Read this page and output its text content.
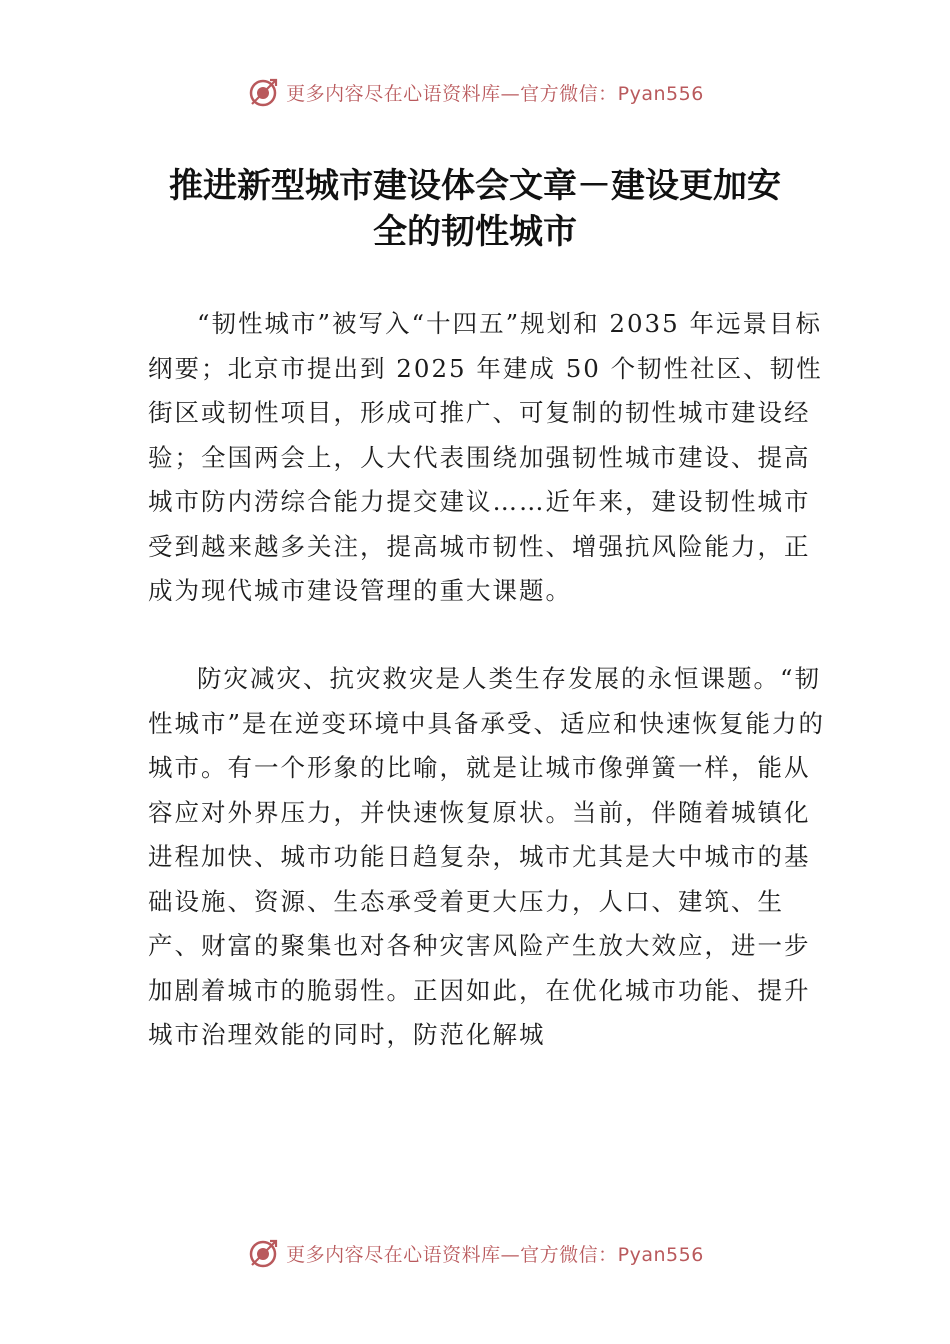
更多内容尽在心语资料库—官方微信：Pyan556
推进新型城市建设体会文章－建设更加安
全的韧性城市

“韧性城市”被写入“十四五”规划和 2035 年远景目标纲要；北京市提出到 2025 年建成 50 个韧性社区、韧性街区或韧性项目，形成可推广、可复制的韧性城市建设经验；全国两会上，人大代表围绕加强韧性城市建设、提高城市防内涝综合能力提交建议……近年来，建设韧性城市受到越来越多关注，提高城市韧性、增强抗风险能力，正成为现代城市建设管理的重大课题。

防灾减灾、抗灾救灾是人类生存发展的永恒课题。“韧性城市”是在逆变环境中具备承受、适应和快速恢复能力的城市。有一个形象的比喻，就是让城市像弹簧一样，能从容应对外界压力，并快速恢复原状。当前，伴随着城镇化进程加快、城市功能日趋复杂，城市尤其是大中城市的基础设施、资源、生态承受着更大压力，人口、建筑、生产、财富的聚集也对各种灾害风险产生放大效应，进一步加剧着城市的脆弱性。正因如此，在优化城市功能、提升城市治理效能的同时，防范化解城

更多内容尽在心语资料库—官方微信：Pyan556
